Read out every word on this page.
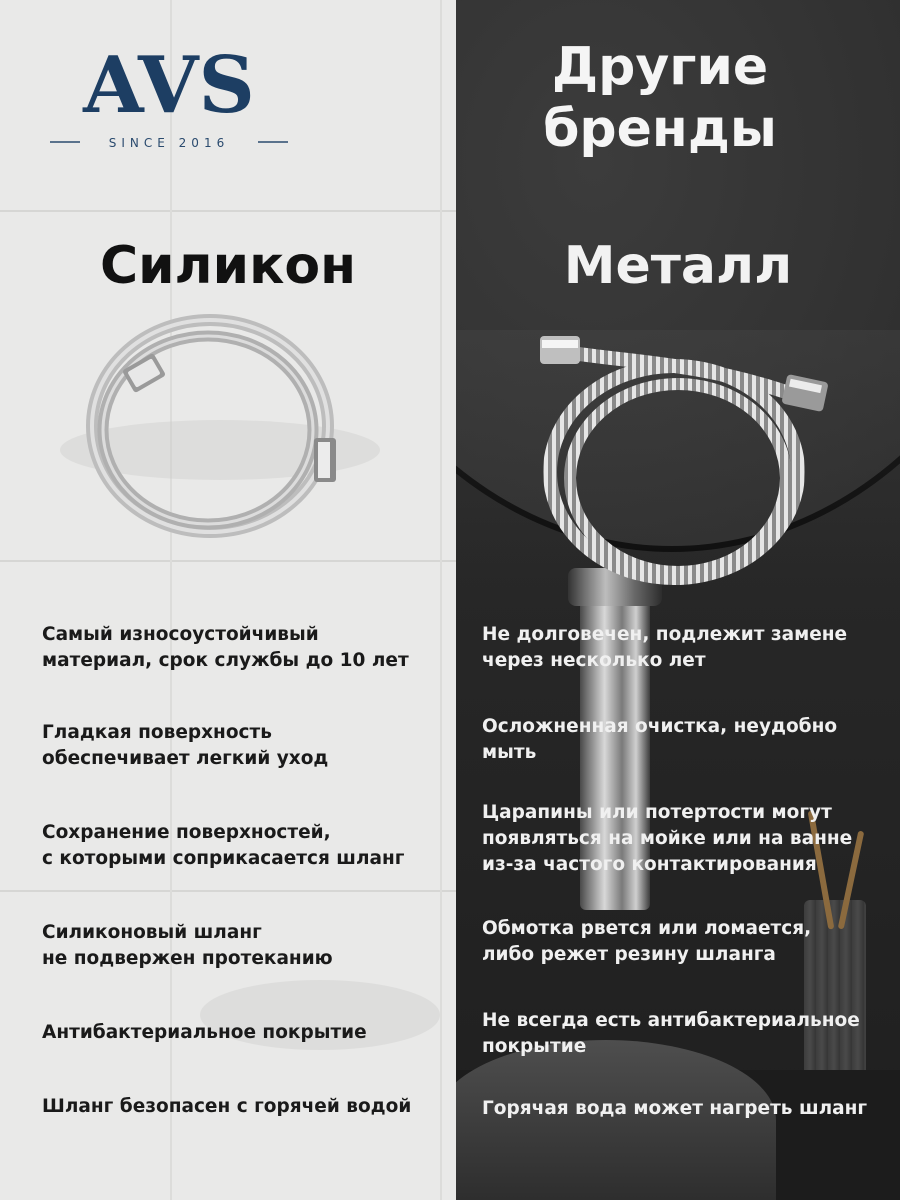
AVS
SINCE 2016
Силикон
Самый износоустойчивый
материал, срок службы до 10 лет
Гладкая поверхность
обеспечивает легкий уход
Сохранение поверхностей,
с которыми соприкасается шланг
Силиконовый шланг
не подвержен протеканию
Антибактериальное покрытие
Шланг безопасен с горячей водой
Другие
бренды
Металл
Не долговечен, подлежит замене
через несколько лет
Осложненная очистка, неудобно
мыть
Царапины или потертости могут
появляться на мойке или на ванне
из-за частого контактирования
Обмотка рвется или ломается,
либо режет резину шланга
Не всегда есть антибактериальное
покрытие
Горячая вода может нагреть шланг
